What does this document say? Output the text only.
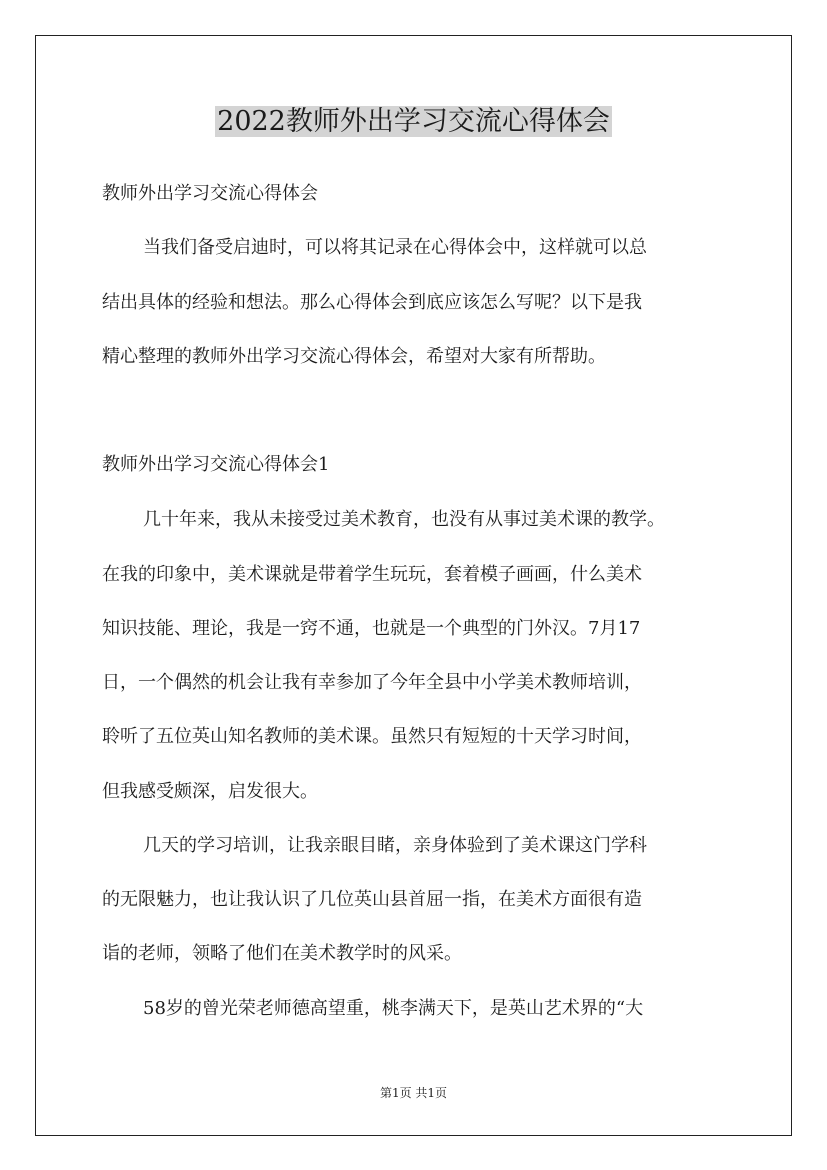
2022教师外出学习交流心得体会
教师外出学习交流心得体会
当我们备受启迪时，可以将其记录在心得体会中，这样就可以总
结出具体的经验和想法。那么心得体会到底应该怎么写呢？以下是我
精心整理的教师外出学习交流心得体会，希望对大家有所帮助。
教师外出学习交流心得体会1
几十年来，我从未接受过美术教育，也没有从事过美术课的教学。
在我的印象中，美术课就是带着学生玩玩，套着模子画画，什么美术
知识技能、理论，我是一窍不通，也就是一个典型的门外汉。7月17
日，一个偶然的机会让我有幸参加了今年全县中小学美术教师培训，
聆听了五位英山知名教师的美术课。虽然只有短短的十天学习时间，
但我感受颇深，启发很大。
几天的学习培训，让我亲眼目睹，亲身体验到了美术课这门学科
的无限魅力，也让我认识了几位英山县首屈一指，在美术方面很有造
诣的老师，领略了他们在美术教学时的风采。
58岁的曾光荣老师德高望重，桃李满天下，是英山艺术界的“大
第1页 共1页
